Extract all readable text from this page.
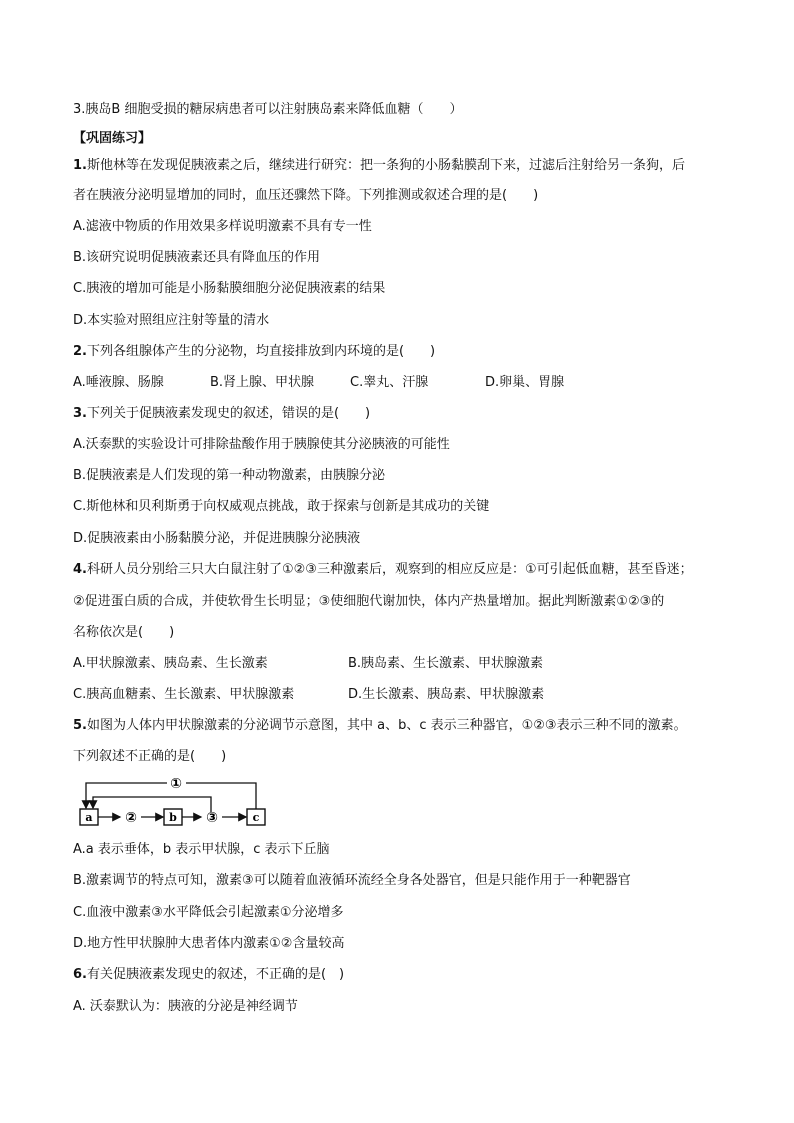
3.胰岛B 细胞受损的糖尿病患者可以注射胰岛素来降低血糖（　　）
【巩固练习】
1.斯他林等在发现促胰液素之后，继续进行研究：把一条狗的小肠黏膜刮下来，过滤后注射给另一条狗，后
者在胰液分泌明显增加的同时，血压还骤然下降。下列推测或叙述合理的是(　　)
A.滤液中物质的作用效果多样说明激素不具有专一性
B.该研究说明促胰液素还具有降血压的作用
C.胰液的增加可能是小肠黏膜细胞分泌促胰液素的结果
D.本实验对照组应注射等量的清水
2.下列各组腺体产生的分泌物，均直接排放到内环境的是(　　)
A.唾液腺、肠腺	B.肾上腺、甲状腺	C.睾丸、汗腺	D.卵巢、胃腺
3.下列关于促胰液素发现史的叙述，错误的是(　　)
A.沃泰默的实验设计可排除盐酸作用于胰腺使其分泌胰液的可能性
B.促胰液素是人们发现的第一种动物激素，由胰腺分泌
C.斯他林和贝利斯勇于向权威观点挑战，敢于探索与创新是其成功的关键
D.促胰液素由小肠黏膜分泌，并促进胰腺分泌胰液
4.科研人员分别给三只大白鼠注射了①②③三种激素后，观察到的相应反应是：①可引起低血糖，甚至昏迷；
②促进蛋白质的合成，并使软骨生长明显；③使细胞代谢加快，体内产热量增加。据此判断激素①②③的
名称依次是(　　)
A.甲状腺激素、胰岛素、生长激素	B.胰岛素、生长激素、甲状腺激素
C.胰高血糖素、生长激素、甲状腺激素	D.生长激素、胰岛素、甲状腺激素
5.如图为人体内甲状腺激素的分泌调节示意图，其中 a、b、c 表示三种器官，①②③表示三种不同的激素。
下列叙述不正确的是(　　)
a	b	c
①
②	③
A.a 表示垂体，b 表示甲状腺，c 表示下丘脑
B.激素调节的特点可知，激素③可以随着血液循环流经全身各处器官，但是只能作用于一种靶器官
C.血液中激素③水平降低会引起激素①分泌增多
D.地方性甲状腺肿大患者体内激素①②含量较高
6.有关促胰液素发现史的叙述，不正确的是(　)
A. 沃泰默认为：胰液的分泌是神经调节
